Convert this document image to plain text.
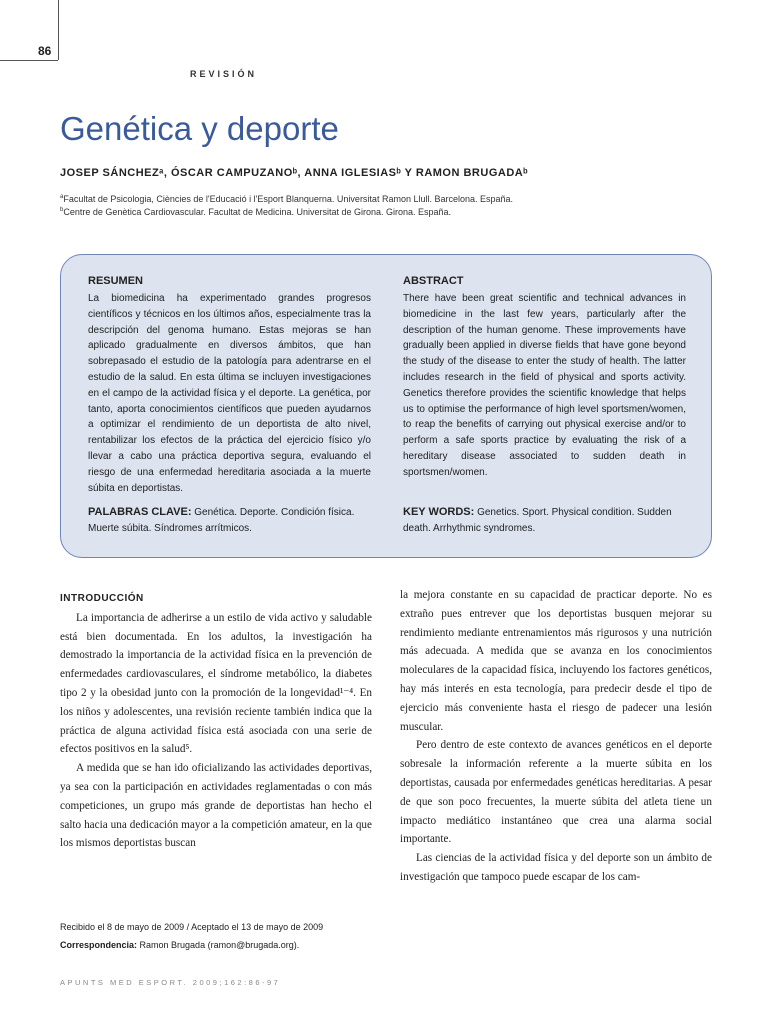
86
REVISIÓN
Genética y deporte
JOSEP SÁNCHEZᵃ, ÓSCAR CAMPUZANOᵇ, ANNA IGLESIASᵇ Y RAMON BRUGADAᵇ
$^a$Facultat de Psicologia, Ciències de l'Educació i l'Esport Blanquerna. Universitat Ramon Llull. Barcelona. España.
$^b$Centre de Genètica Cardiovascular. Facultat de Medicina. Universitat de Girona. Girona. España.

RESUMEN

La biomedicina ha experimentado grandes progresos científicos y técnicos en los últimos años, especialmente tras la descripción del genoma humano. Estas mejoras se han aplicado gradualmente en diversos ámbitos, que han sobrepasado el estudio de la patología para adentrarse en el estudio de la salud. En esta última se incluyen investigaciones en el campo de la actividad física y el deporte. La genética, por tanto, aporta conocimientos científicos que pueden ayudarnos a optimizar el rendimiento de un deportista de alto nivel, rentabilizar los efectos de la práctica del ejercicio físico y/o llevar a cabo una práctica deportiva segura, evaluando el riesgo de una enfermedad hereditaria asociada a la muerte súbita en deportistas.

ABSTRACT

There have been great scientific and technical advances in biomedicine in the last few years, particularly after the description of the human genome. These improvements have gradually been applied in diverse fields that have gone beyond the study of the disease to enter the study of health. The latter includes research in the field of physical and sports activity. Genetics therefore provides the scientific knowledge that helps us to optimise the performance of high level sportsmen/women, to reap the benefits of carrying out physical exercise and/or to perform a safe sports practice by evaluating the risk of a hereditary disease associated to sudden death in sportsmen/women.

PALABRAS CLAVE: Genética. Deporte. Condición física. Muerte súbita. Síndromes arrítmicos.
KEY WORDS: Genetics. Sport. Physical condition. Sudden death. Arrhythmic syndromes.

INTRODUCCIÓN

La importancia de adherirse a un estilo de vida activo y saludable está bien documentada. En los adultos, la investigación ha demostrado la importancia de la actividad física en la prevención de enfermedades cardiovasculares, el síndrome metabólico, la diabetes tipo 2 y la obesidad junto con la promoción de la longevidad¹⁻⁴. En los niños y adolescentes, una revisión reciente también indica que la práctica de alguna actividad física está asociada con una serie de efectos positivos en la salud⁵.

A medida que se han ido oficializando las actividades deportivas, ya sea con la participación en actividades reglamentadas o con más competiciones, un grupo más grande de deportistas han hecho el salto hacia una dedicación mayor a la competición amateur, en la que los mismos deportistas buscan

la mejora constante en su capacidad de practicar deporte. No es extraño pues entrever que los deportistas busquen mejorar su rendimiento mediante entrenamientos más rigurosos y una nutrición más adecuada. A medida que se avanza en los conocimientos moleculares de la capacidad física, incluyendo los factores genéticos, hay más interés en esta tecnología, para predecir desde el tipo de ejercicio más conveniente hasta el riesgo de padecer una lesión muscular.

Pero dentro de este contexto de avances genéticos en el deporte sobresale la información referente a la muerte súbita en los deportistas, causada por enfermedades genéticas hereditarias. A pesar de que son poco frecuentes, la muerte súbita del atleta tiene un impacto mediático instantáneo que crea una alarma social importante.

Las ciencias de la actividad física y del deporte son un ámbito de investigación que tampoco puede escapar de los cam-

Recibido el 8 de mayo de 2009 / Aceptado el 13 de mayo de 2009
Correspondencia: Ramon Brugada (ramon@brugada.org).
APUNTS MED ESPORT. 2009;162:86-97
